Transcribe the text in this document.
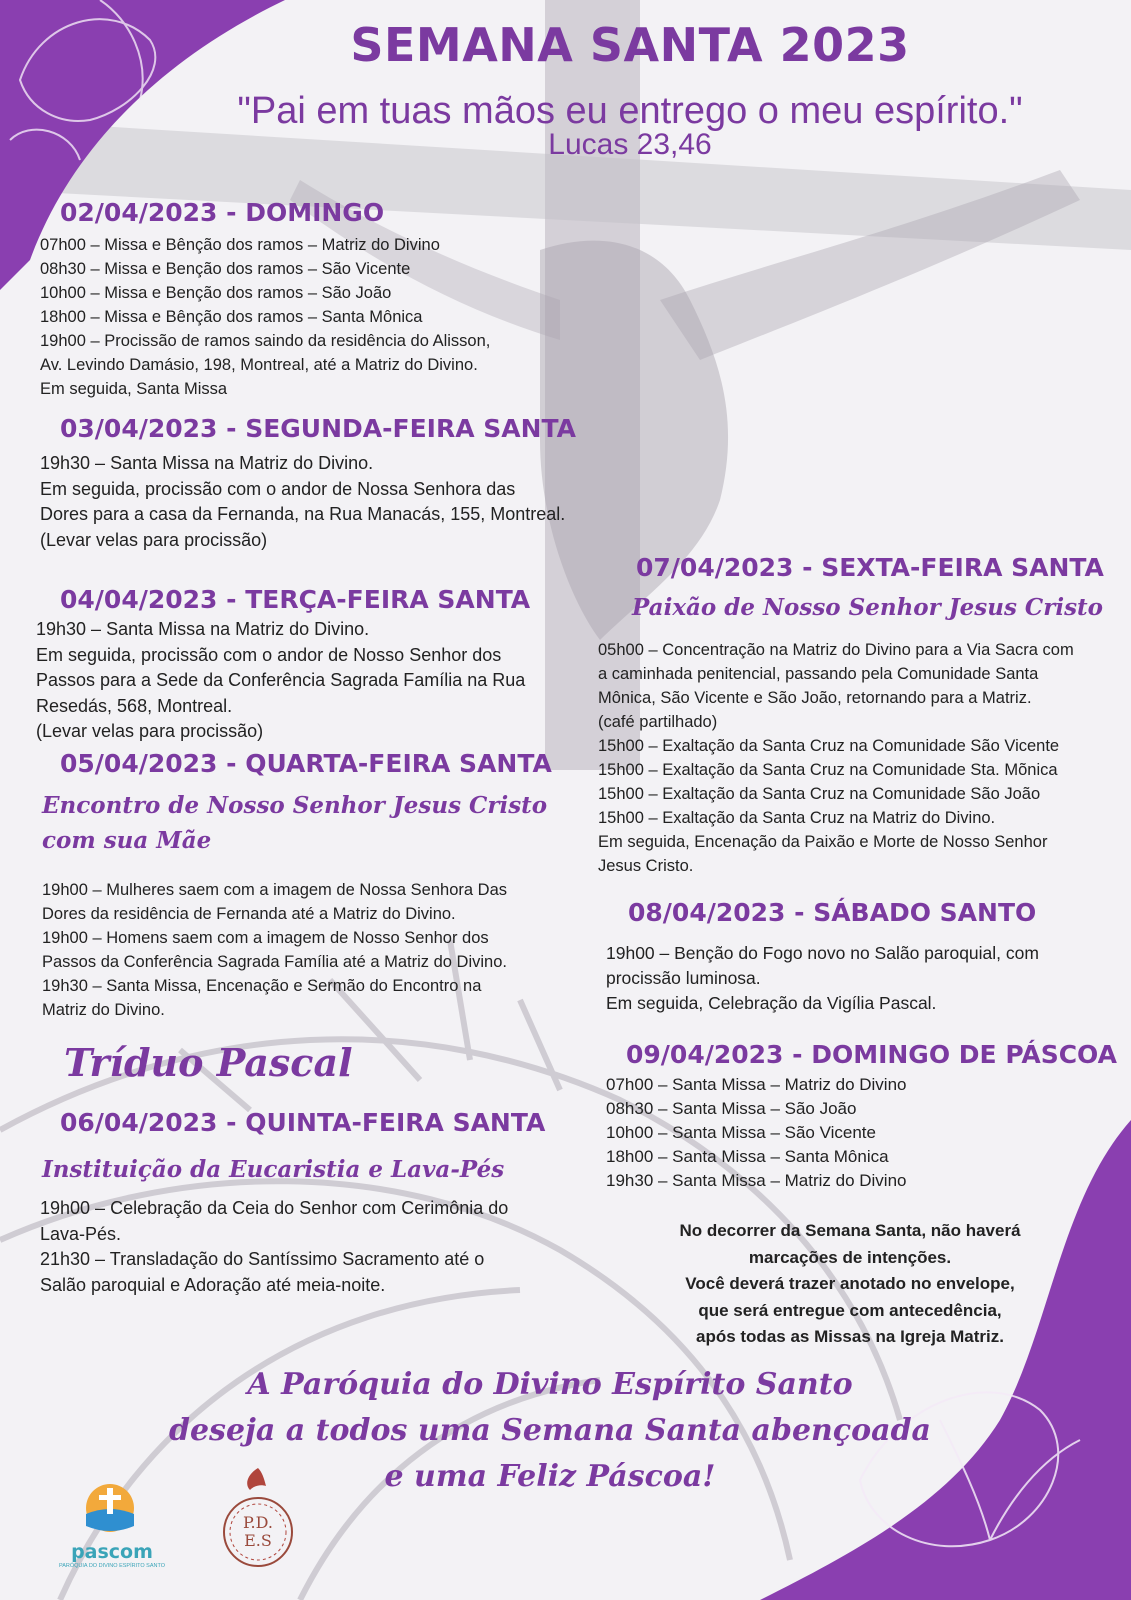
SEMANA SANTA 2023
"Pai em tuas mãos eu entrego o meu espírito."
Lucas 23,46
02/04/2023 - DOMINGO
07h00 – Missa e Bênção dos ramos – Matriz do Divino
08h30 – Missa e Benção dos ramos – São Vicente
10h00 – Missa e Benção dos ramos – São João
18h00 – Missa e Bênção dos ramos – Santa Mônica
19h00 – Procissão de ramos saindo da residência do Alisson,
Av. Levindo Damásio, 198, Montreal, até a Matriz do Divino.
Em seguida, Santa Missa
03/04/2023 - SEGUNDA-FEIRA SANTA
19h30 – Santa Missa na Matriz do Divino.
Em seguida, procissão com o andor de Nossa Senhora das
Dores para a casa da Fernanda, na Rua Manacás, 155, Montreal.
(Levar velas para procissão)
04/04/2023 - TERÇA-FEIRA SANTA
19h30 – Santa Missa na Matriz do Divino.
Em seguida, procissão com o andor de Nosso Senhor dos
Passos para a Sede da Conferência Sagrada Família na Rua
Resedás, 568, Montreal.
(Levar velas para procissão)
05/04/2023 - QUARTA-FEIRA SANTA
Encontro de Nosso Senhor Jesus Cristo
com sua Mãe
19h00 – Mulheres saem com a imagem de Nossa Senhora Das
Dores da residência de Fernanda até a Matriz do Divino.
19h00 – Homens saem com a imagem de Nosso Senhor dos
Passos da Conferência Sagrada Família até a Matriz do Divino.
19h30 – Santa Missa, Encenação e Sermão do Encontro na
Matriz do Divino.
Tríduo Pascal
06/04/2023 - QUINTA-FEIRA SANTA
Instituição da Eucaristia e Lava-Pés
19h00 – Celebração da Ceia do Senhor com Cerimônia do
Lava-Pés.
21h30 – Transladação do Santíssimo Sacramento até o
Salão paroquial e Adoração até meia-noite.
07/04/2023 - SEXTA-FEIRA SANTA
Paixão de Nosso Senhor Jesus Cristo
05h00 – Concentração na Matriz do Divino para a Via Sacra com
a caminhada penitencial, passando pela Comunidade Santa
Mônica, São Vicente e São João, retornando para a Matriz.
(café partilhado)
15h00 – Exaltação da Santa Cruz na Comunidade São Vicente
15h00 – Exaltação da Santa Cruz na Comunidade Sta. Mõnica
15h00 – Exaltação da Santa Cruz na Comunidade São João
15h00 – Exaltação da Santa Cruz na Matriz do Divino.
Em seguida, Encenação da Paixão e Morte de Nosso Senhor
Jesus Cristo.
08/04/2023 - SÁBADO SANTO
19h00 – Benção do Fogo novo no Salão paroquial, com
procissão luminosa.
Em seguida, Celebração da Vigília Pascal.
09/04/2023 - DOMINGO DE PÁSCOA
07h00 – Santa Missa – Matriz do Divino
08h30 – Santa Missa – São João
10h00 – Santa Missa – São Vicente
18h00 – Santa Missa – Santa Mônica
19h30 – Santa Missa – Matriz do Divino
No decorrer da Semana Santa, não haverá
marcações de intenções.
Você deverá trazer anotado no envelope,
que será entregue com antecedência,
após todas as Missas na Igreja Matriz.
A Paróquia do Divino Espírito Santo
deseja a todos uma Semana Santa abençoada
e uma Feliz Páscoa!
pascom
PARÓQUIA DO DIVINO ESPÍRITO SANTO
P.D.
E.S
